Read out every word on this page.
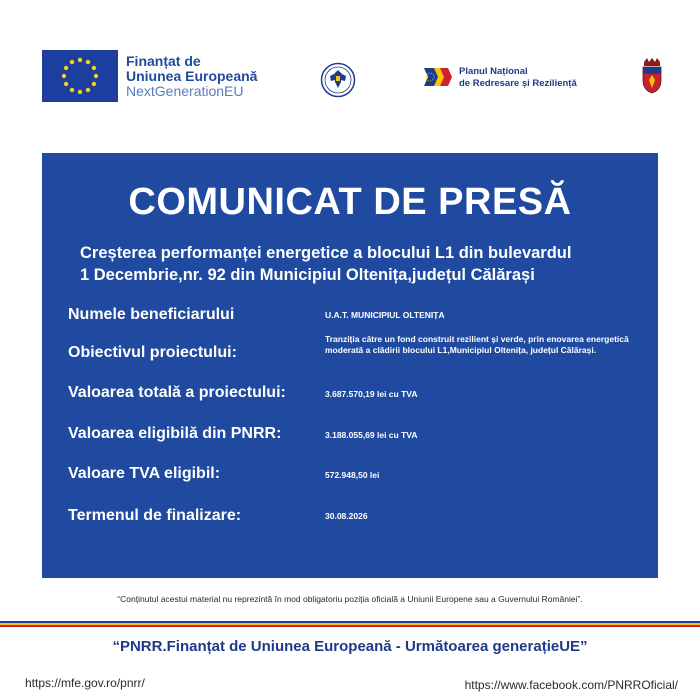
Finanțat de
Uniunea Europeană
NextGenerationEU
Planul Național
de Redresare și Reziliență
COMUNICAT DE PRESĂ
Creșterea performanței energetice a blocului L1 din bulevardul
1 Decembrie,nr. 92 din Municipiul Oltenița,județul Călărași
Numele beneficiarului	U.A.T. MUNICIPIUL OLTENIȚA
Obiectivul proiectului:
Tranziția către un fond construit rezilient și verde, prin enovarea energetică moderată a clădirii blocului L1,Municipiul Oltenița, județul Călărași.
Valoarea totală a proiectului:	3.687.570,19 lei cu TVA
Valoarea eligibilă din PNRR:	3.188.055,69 lei cu TVA
Valoare TVA eligibil:	572.948,50 lei
Termenul de finalizare:	30.08.2026
“Conținutul acestui material nu reprezintă în mod obligatoriu poziția oficială a Uniunii Europene sau a Guvernului României”.
“PNRR.Finanțat de Uniunea Europeană - Următoarea generațieUE”
https://mfe.gov.ro/pnrr/	https://www.facebook.com/PNRROficial/
